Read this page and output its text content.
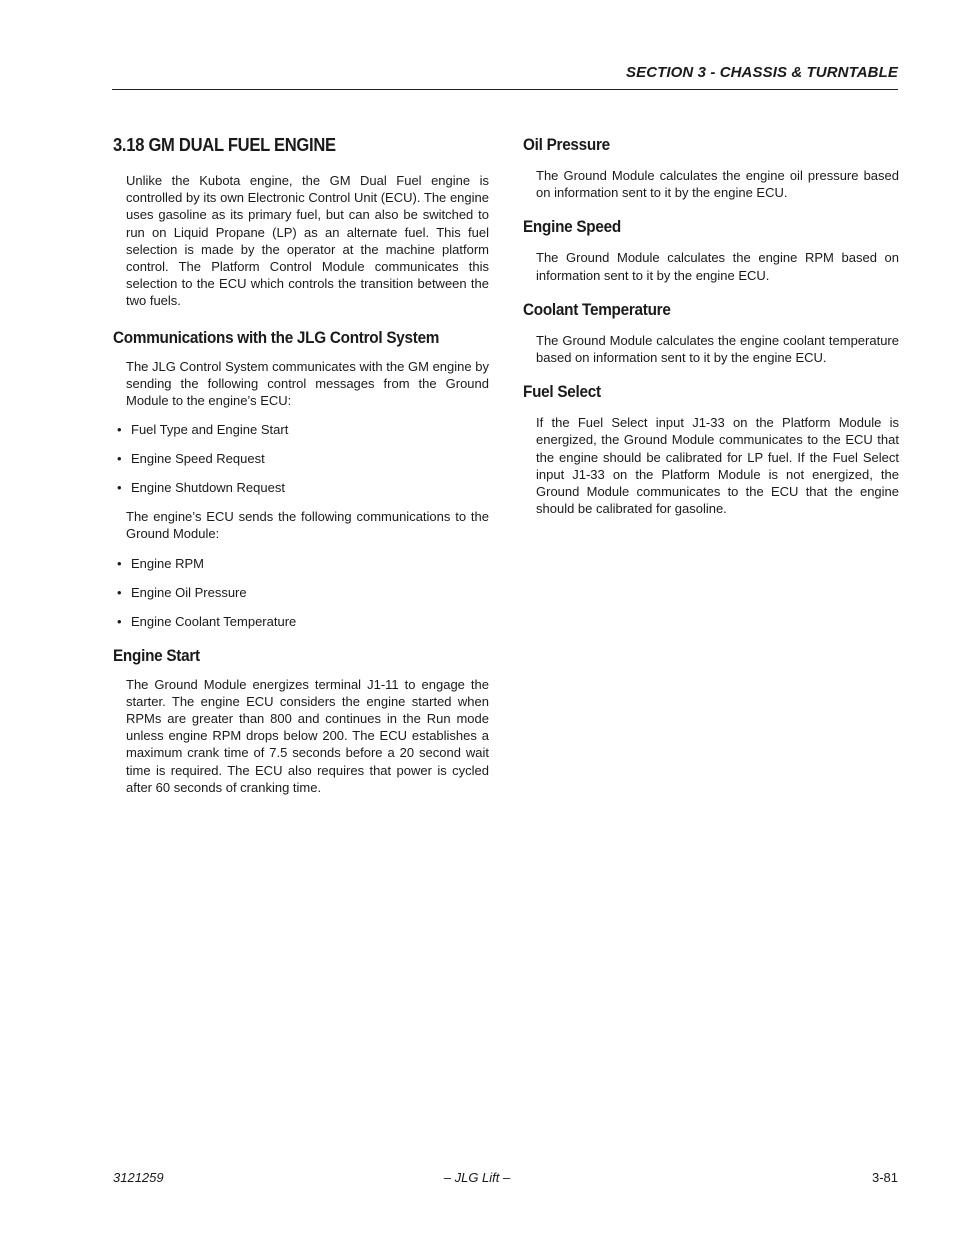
SECTION 3 - CHASSIS & TURNTABLE
3.18 GM DUAL FUEL ENGINE

Unlike the Kubota engine, the GM Dual Fuel engine is controlled by its own Electronic Control Unit (ECU). The engine uses gasoline as its primary fuel, but can also be switched to run on Liquid Propane (LP) as an alternate fuel. This fuel selection is made by the operator at the machine platform control. The Platform Control Module communicates this selection to the ECU which controls the transition between the two fuels.

Communications with the JLG Control System

The JLG Control System communicates with the GM engine by sending the following control messages from the Ground Module to the engine’s ECU:

• Fuel Type and Engine Start
• Engine Speed Request
• Engine Shutdown Request

The engine’s ECU sends the following communications to the Ground Module:

• Engine RPM
• Engine Oil Pressure
• Engine Coolant Temperature
Engine Start

The Ground Module energizes terminal J1-11 to engage the starter. The engine ECU considers the engine started when RPMs are greater than 800 and continues in the Run mode unless engine RPM drops below 200. The ECU establishes a maximum crank time of 7.5 seconds before a 20 second wait time is required. The ECU also requires that power is cycled after 60 seconds of cranking time.

Oil Pressure

The Ground Module calculates the engine oil pressure based on information sent to it by the engine ECU.

Engine Speed

The Ground Module calculates the engine RPM based on information sent to it by the engine ECU.

Coolant Temperature

The Ground Module calculates the engine coolant temperature based on information sent to it by the engine ECU.

Fuel Select

If the Fuel Select input J1-33 on the Platform Module is energized, the Ground Module communicates to the ECU that the engine should be calibrated for LP fuel. If the Fuel Select input J1-33 on the Platform Module is not energized, the Ground Module communicates to the ECU that the engine should be calibrated for gasoline.

3121259	– JLG Lift –	3-81
